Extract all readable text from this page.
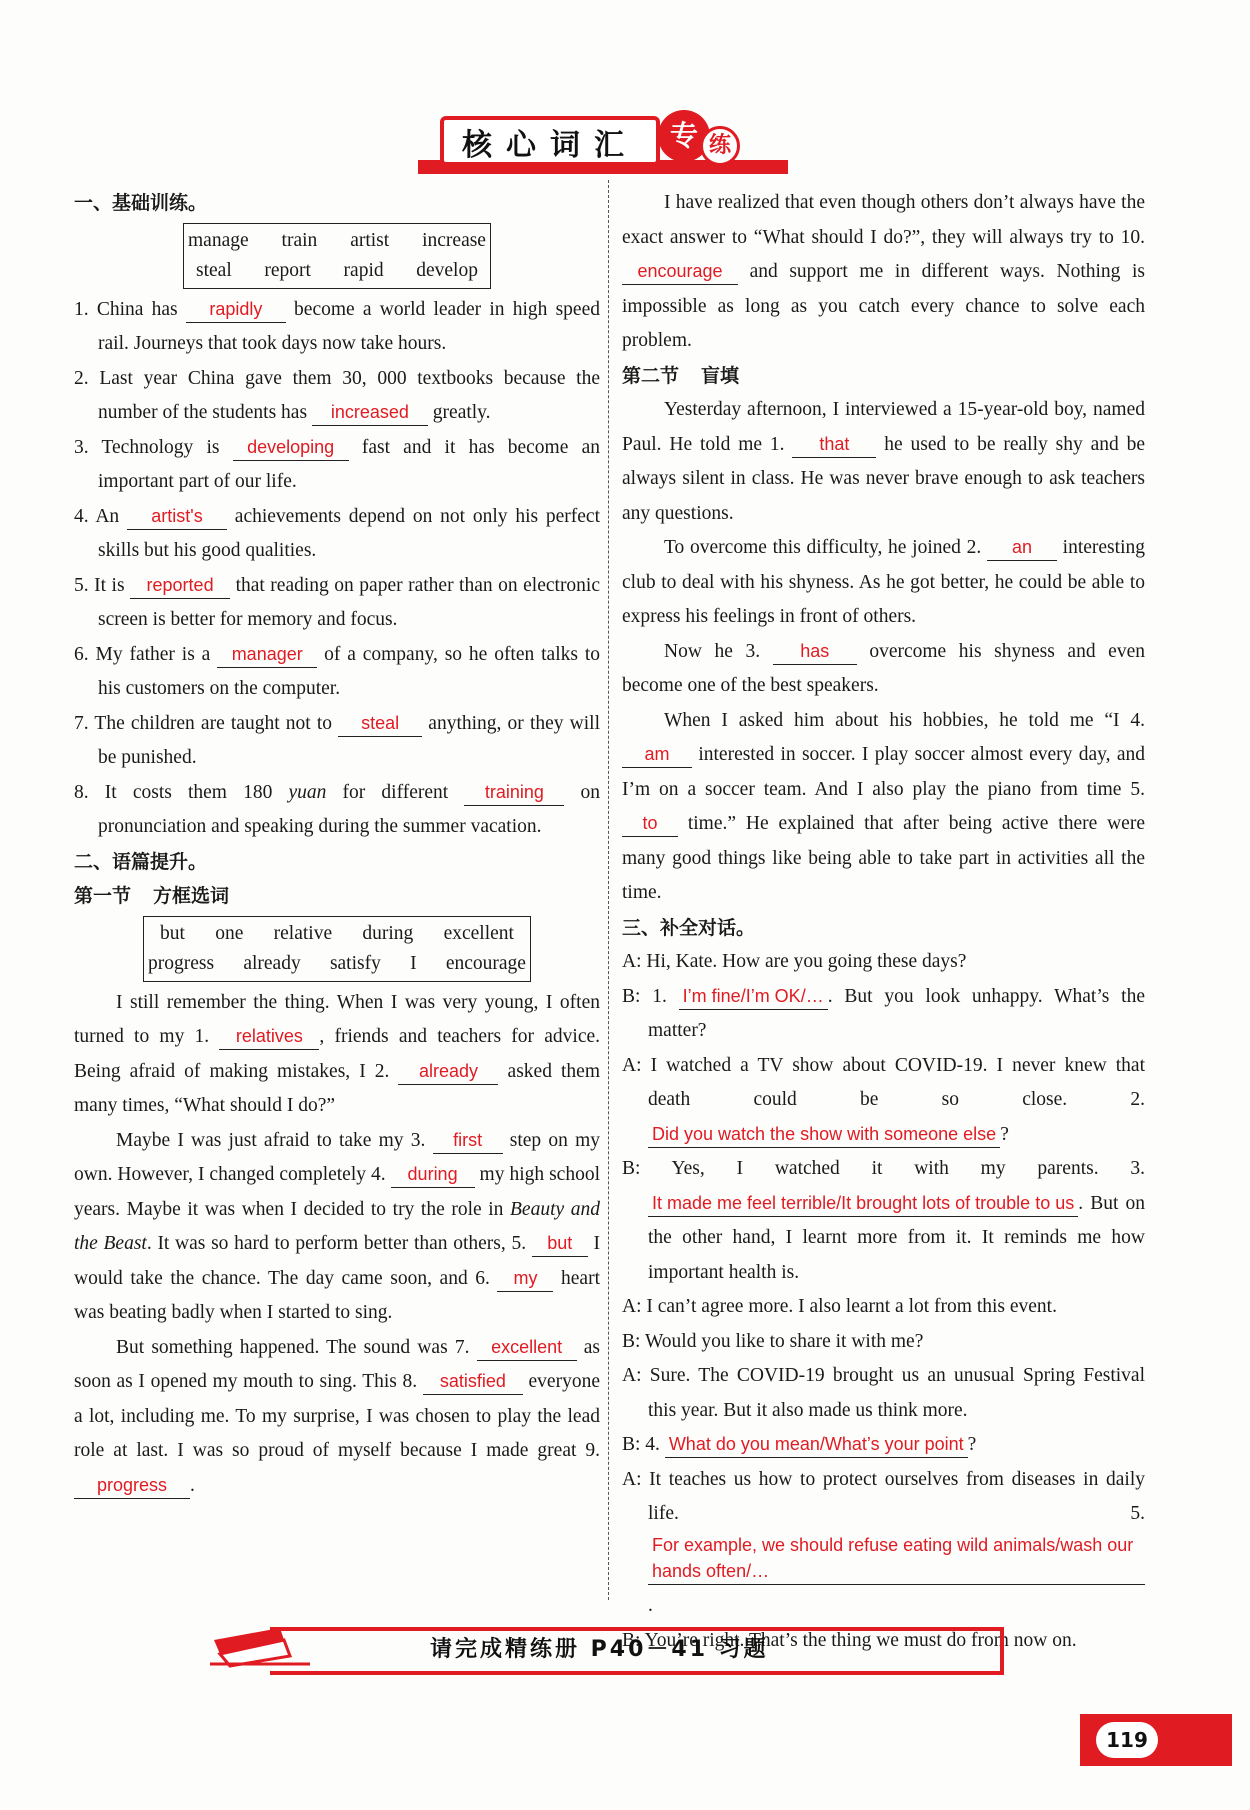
核心词汇	专 练

一、基础训练。

manage train artist increase
steal report rapid develop

1. China has rapidly become a world leader in high speed rail. Journeys that took days now take hours.

2. Last year China gave them 30, 000 textbooks because the number of the students has increased greatly.

3. Technology is developing fast and it has become an important part of our life.

4. An artist's achievements depend on not only his perfect skills but his good qualities.

5. It is reported that reading on paper rather than on electronic screen is better for memory and focus.

6. My father is a manager of a company, so he often talks to his customers on the computer.

7. The children are taught not to steal anything, or they will be punished.

8. It costs them 180 yuan for different training on pronunciation and speaking during the summer vacation.

二、语篇提升。

第一节 方框选词

but one relative during excellent
progress already satisfy I encourage

I still remember the thing. When I was very young, I often turned to my 1. relatives , friends and teachers for advice. Being afraid of making mistakes, I 2. already asked them many times, “What should I do?”

Maybe I was just afraid to take my 3. first step on my own. However, I changed completely 4. during my high school years. Maybe it was when I decided to try the role in Beauty and the Beast. It was so hard to perform better than others, 5. but I would take the chance. The day came soon, and 6. my heart was beating badly when I started to sing.

But something happened. The sound was 7. excellent as soon as I opened my mouth to sing. This 8. satisfied everyone a lot, including me. To my surprise, I was chosen to play the lead role at last. I was so proud of myself because I made great 9. progress .

I have realized that even though others don’t always have the exact answer to “What should I do?”, they will always try to 10. encourage and support me in different ways. Nothing is impossible as long as you catch every chance to solve each problem.

第二节 盲填

Yesterday afternoon, I interviewed a 15-year-old boy, named Paul. He told me 1. that he used to be really shy and be always silent in class. He was never brave enough to ask teachers any questions.

To overcome this difficulty, he joined 2. an interesting club to deal with his shyness. As he got better, he could be able to express his feelings in front of others.

Now he 3. has overcome his shyness and even become one of the best speakers.

When I asked him about his hobbies, he told me “I 4. am interested in soccer. I play soccer almost every day, and I’m on a soccer team. And I also play the piano from time 5. to time.” He explained that after being active there were many good things like being able to take part in activities all the time.

三、补全对话。

A: Hi, Kate. How are you going these days?

B: 1. I’m fine/I’m OK/… . But you look unhappy. What’s the matter?

A: I watched a TV show about COVID-19. I never knew that death could be so close. 2. Did you watch the show with someone else ?

B: Yes, I watched it with my parents. 3. It made me feel terrible/It brought lots of trouble to us . But on the other hand, I learnt more from it. It reminds me how important health is.

A: I can’t agree more. I also learnt a lot from this event.

B: Would you like to share it with me?

A: Sure. The COVID-19 brought us an unusual Spring Festival this year. But it also made us think more.

B: 4. What do you mean/What’s your point ?

A: It teaches us how to protect ourselves from diseases in daily life. 5. For example, we should refuse eating wild animals/wash our hands often/….

B: You’re right. That’s the thing we must do from now on.

请完成精练册 P40－41 习题
119
